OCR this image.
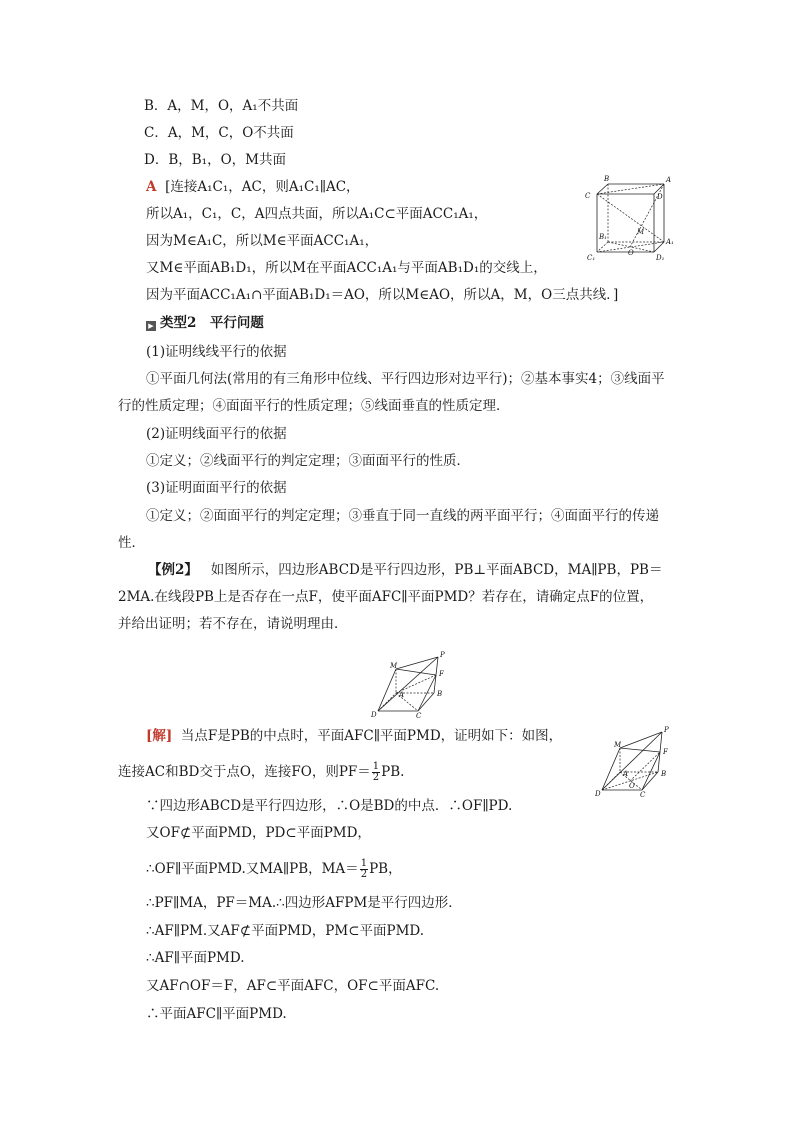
B．A，M，O，A₁不共面
C．A，M，C，O不共面
D．B，B₁，O，M共面
A [连接A₁C₁，AC，则A₁C₁∥AC，
所以A₁，C₁，C，A四点共面，所以A₁C⊂平面ACC₁A₁，
因为M∈A₁C，所以M∈平面ACC₁A₁，
又M∈平面AB₁D₁，所以M在平面ACC₁A₁与平面AB₁D₁的交线上，
因为平面ACC₁A₁∩平面AB₁D₁＝AO，所以M∈AO，所以A，M，O三点共线．]
B	A
C	D
B₁
A₁
C₁	D₁
M
O
▶ 类型2　平行问题
(1)证明线线平行的依据
①平面几何法(常用的有三角形中位线、平行四边形对边平行)；②基本事实4；③线面平
行的性质定理；④面面平行的性质定理；⑤线面垂直的性质定理．
(2)证明线面平行的依据
①定义；②线面平行的判定定理；③面面平行的性质．
(3)证明面面平行的依据
①定义；②面面平行的判定定理；③垂直于同一直线的两平面平行；④面面平行的传递
性．
【例2】 如图所示，四边形ABCD是平行四边形，PB⊥平面ABCD，MA∥PB，PB＝
2MA.在线段PB上是否存在一点F，使平面AFC∥平面PMD？若存在，请确定点F的位置，
并给出证明；若不存在，请说明理由．
P
M
F
B
A
D	C
[解] 当点F是PB的中点时，平面AFC∥平面PMD，证明如下：如图，
连接AC和BD交于点O，连接FO，则$PF= \frac{1}{2}$ PB.
P
M
F
B
A
D	C
O
∵四边形ABCD是平行四边形，∴O是BD的中点．∴OF∥PD.
又OF⊄平面PMD，PD⊂平面PMD，
∴OF∥平面PMD.又MA∥PB，$MA= \frac{1}{2}$ PB，
∴PF∥MA，PF＝MA.∴四边形AFPM是平行四边形．
∴AF∥PM.又AF⊄平面PMD，PM⊂平面PMD.
∴AF∥平面PMD.
又AF∩OF＝F，AF⊂平面AFC，OF⊂平面AFC.
∴平面AFC∥平面PMD.
